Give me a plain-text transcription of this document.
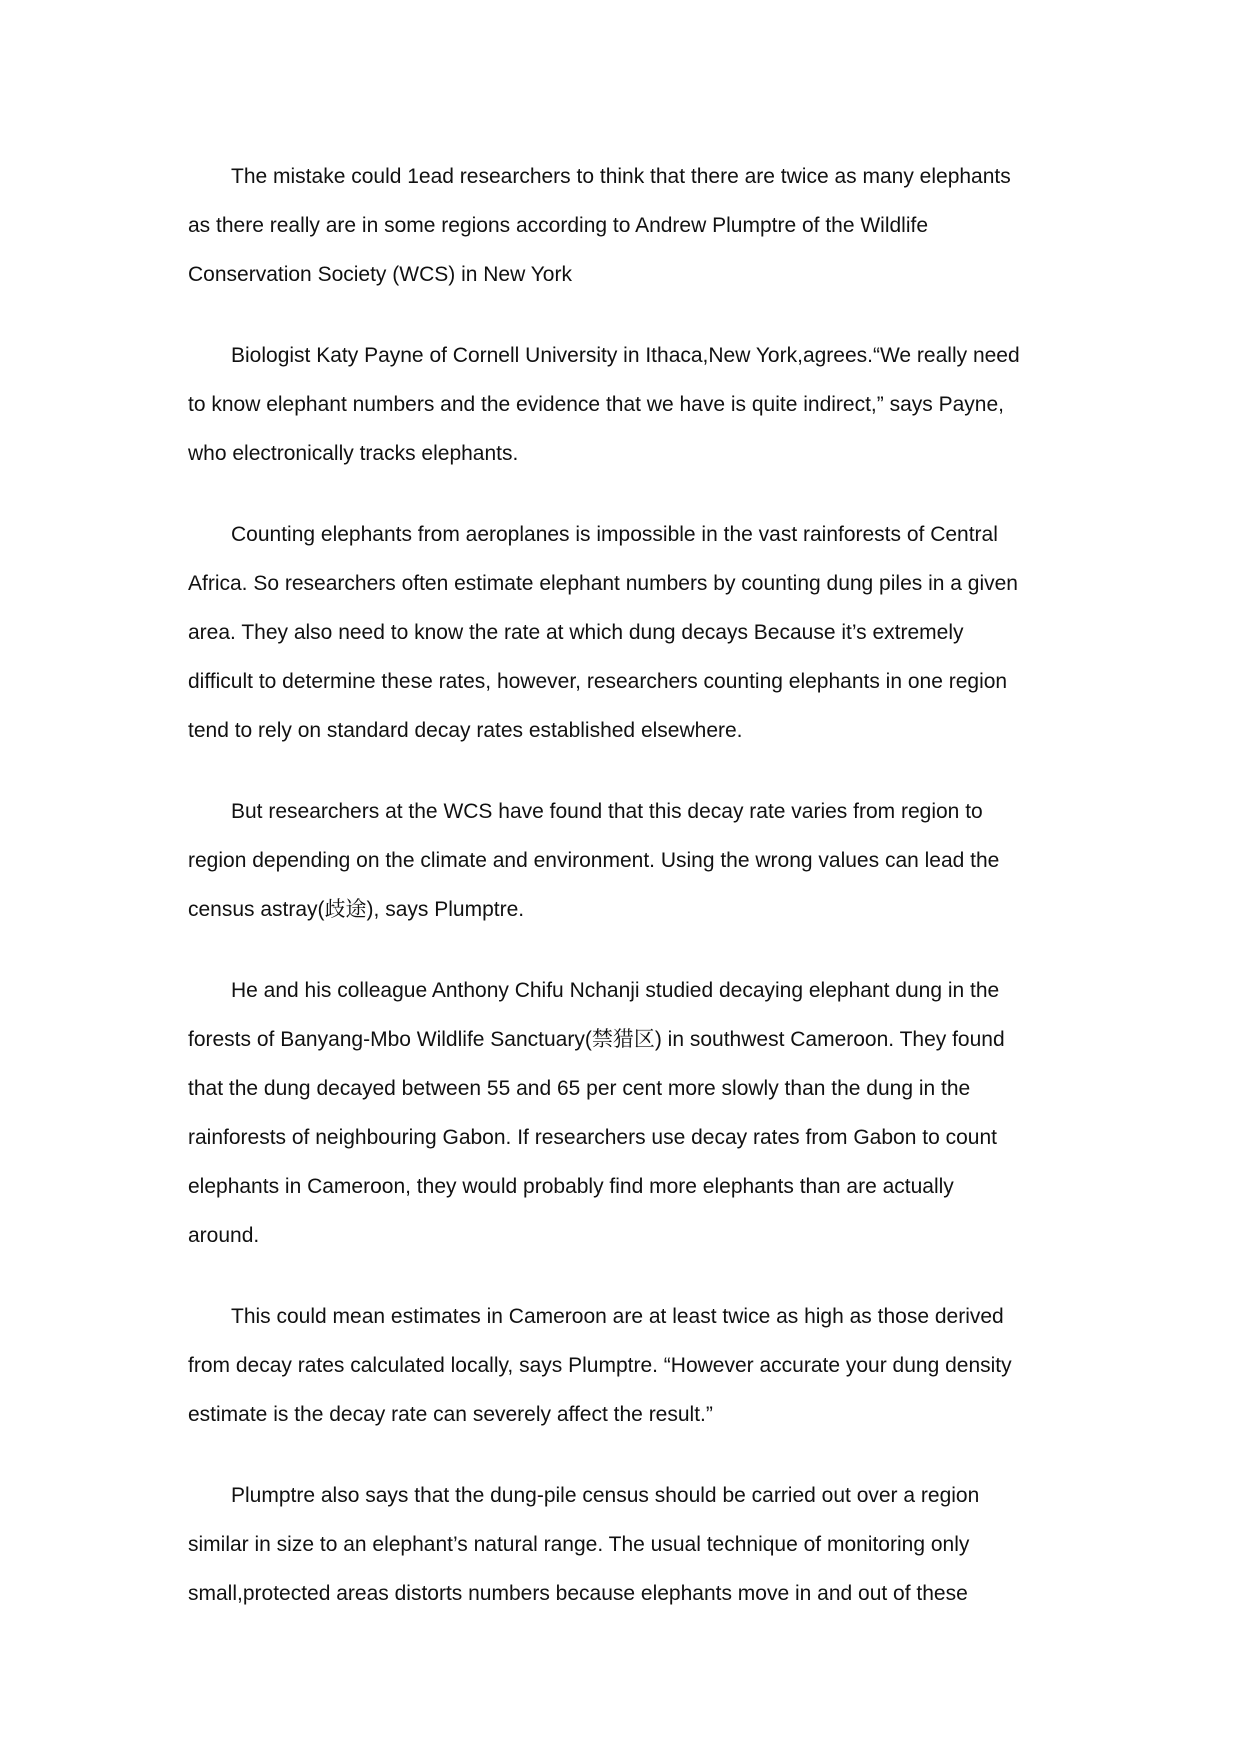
The mistake could 1ead researchers to think that there are twice as many elephants
as there really are in some regions according to Andrew Plumptre of the Wildlife
Conservation Society (WCS) in New York

Biologist Katy Payne of Cornell University in Ithaca,New York,agrees.“We really need
to know elephant numbers and the evidence that we have is quite indirect,” says Payne,
who electronically tracks elephants.

Counting elephants from aeroplanes is impossible in the vast rainforests of Central
Africa. So researchers often estimate elephant numbers by counting dung piles in a given
area. They also need to know the rate at which dung decays Because it’s extremely
difficult to determine these rates, however, researchers counting elephants in one region
tend to rely on standard decay rates established elsewhere.

But researchers at the WCS have found that this decay rate varies from region to
region depending on the climate and environment. Using the wrong values can lead the
census astray(歧途), says Plumptre.

He and his colleague Anthony Chifu Nchanji studied decaying elephant dung in the
forests of Banyang-Mbo Wildlife Sanctuary(禁猎区) in southwest Cameroon. They found
that the dung decayed between 55 and 65 per cent more slowly than the dung in the
rainforests of neighbouring Gabon. If researchers use decay rates from Gabon to count
elephants in Cameroon, they would probably find more elephants than are actually
around.

This could mean estimates in Cameroon are at least twice as high as those derived
from decay rates calculated locally, says Plumptre. “However accurate your dung density
estimate is the decay rate can severely affect the result.”

Plumptre also says that the dung-pile census should be carried out over a region
similar in size to an elephant’s natural range. The usual technique of monitoring only
small,protected areas distorts numbers because elephants move in and out of these
